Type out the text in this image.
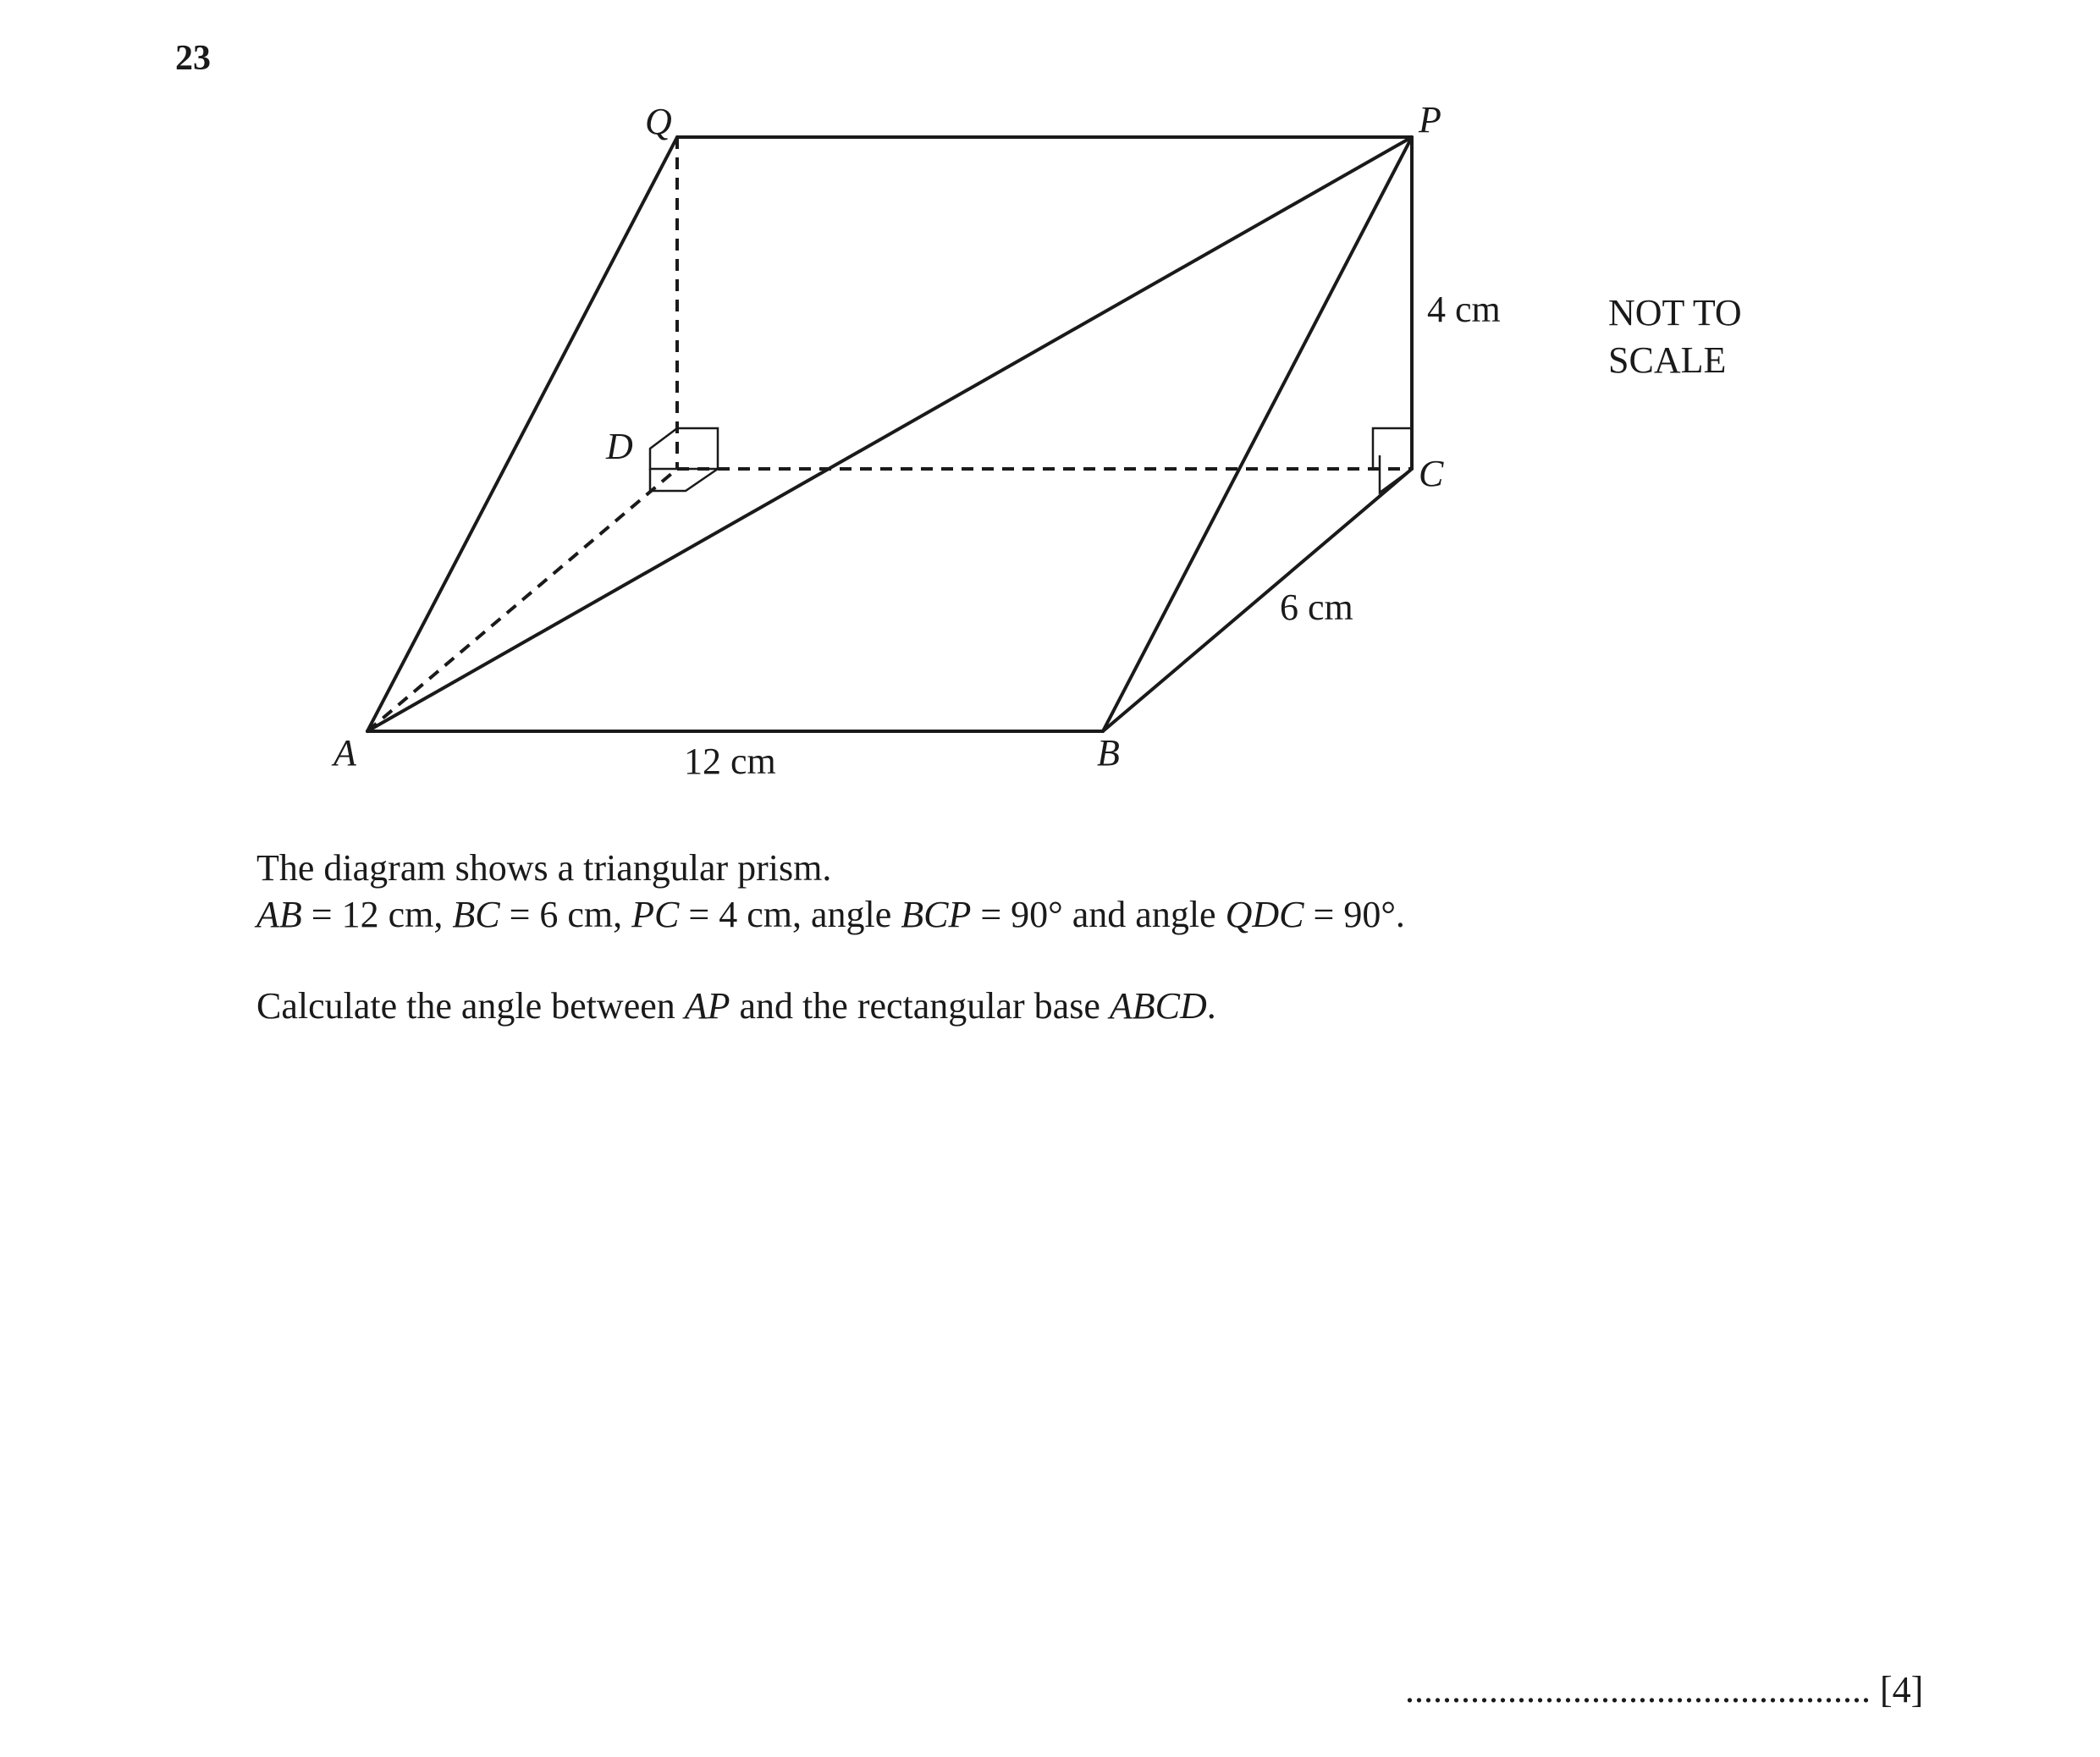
23
Q	P
D
C
A	B
4 cm
6 cm
12 cm
NOT TO
SCALE
The diagram shows a triangular prism.
AB = 12 cm, BC = 6 cm, PC = 4 cm, angle BCP = 90° and angle QDC = 90°.
Calculate the angle between AP and the rectangular base ABCD.
.................................................. [4]
